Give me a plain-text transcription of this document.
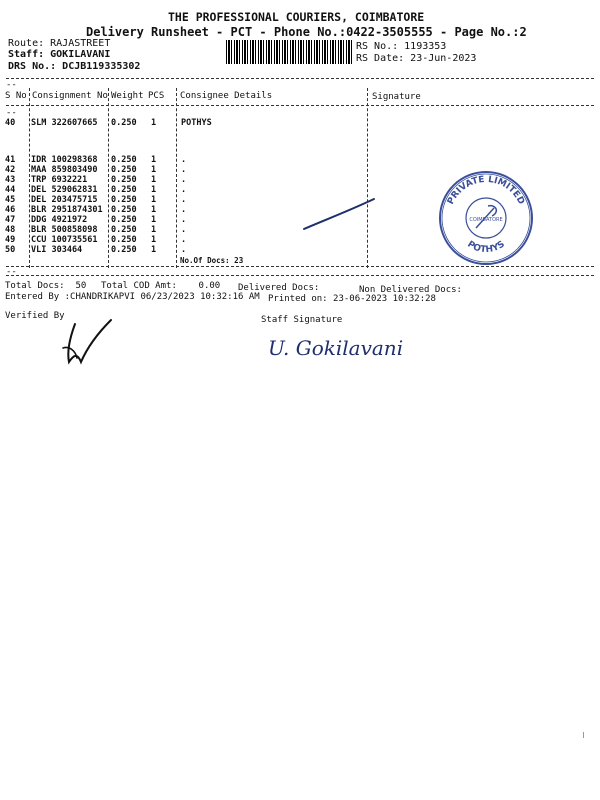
THE PROFESSIONAL COURIERS, COIMBATORE
Delivery Runsheet - PCT - Phone No.:0422-3505555 - Page No.:2
Route: RAJASTREET
Staff: GOKILAVANI
DRS No.: DCJB119335302
RS No.: 1193353
RS Date: 23-Jun-2023
--
--
S No Consignment No Weight PCS Consignee Details	Signature
40 SLM 322607665 0.250 1	POTHYS
41 IDR 100298368 0.250 1	.
42 MAA 859803490 0.250 1	.
43 TRP 6932221	0.250 1	.
44 DEL 529062831 0.250 1	.
45 DEL 203475715 0.250 1	.
46 BLR 2951874301 0.250 1	.
47 DDG 4921972	0.250 1	.
48 BLR 500858098 0.250 1	.
49 CCU 100735561 0.250 1	.
50 VLI 303464	0.250 1	.
No.Of Docs: 23
PRIVATE LIMITED
POTHYS
COIMBATORE
--
Total Docs:  50 Total COD Amt:    0.00 Delivered Docs:	Non Delivered Docs:
Entered By :CHANDRIKAPVI 06/23/2023 10:32:16 AM Printed on: 23-06-2023 10:32:28
Verified By	Staff Signature
U. Gokilavani
